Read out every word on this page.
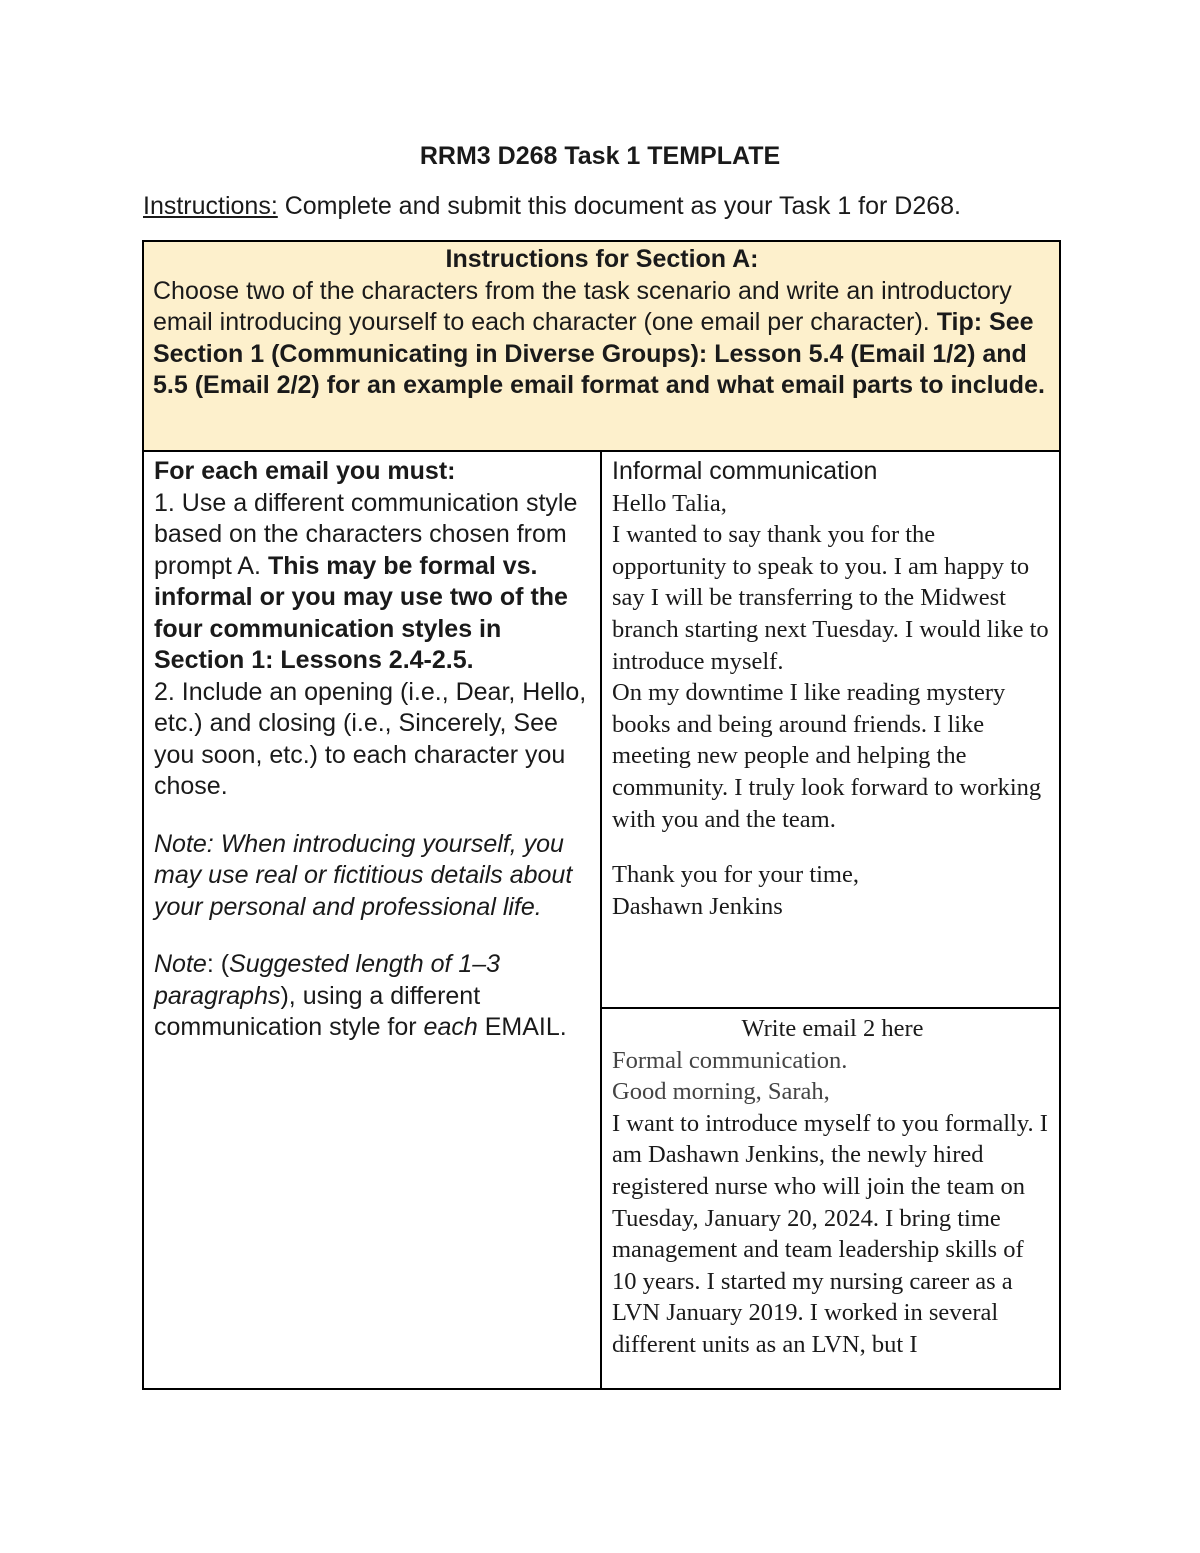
RRM3 D268 Task 1 TEMPLATE
Instructions: Complete and submit this document as your Task 1 for D268.
Instructions for Section A:
Choose two of the characters from the task scenario and write an introductory email introducing yourself to each character (one email per character). Tip: See Section 1 (Communicating in Diverse Groups): Lesson 5.4 (Email 1/2) and 5.5 (Email 2/2) for an example email format and what email parts to include.

For each email you must:

1. Use a different communication style based on the characters chosen from prompt A. This may be formal vs. informal or you may use two of the four communication styles in Section 1: Lessons 2.4-2.5.

2. Include an opening (i.e., Dear, Hello, etc.) and closing (i.e., Sincerely, See you soon, etc.) to each character you chose.

Note: When introducing yourself, you may use real or fictitious details about your personal and professional life.

Note: (Suggested length of 1–3 paragraphs), using a different communication style for each EMAIL.

Informal communication

Hello Talia,

I wanted to say thank you for the opportunity to speak to you. I am happy to say I will be transferring to the Midwest branch starting next Tuesday. I would like to introduce myself.

On my downtime I like reading mystery books and being around friends. I like meeting new people and helping the community. I truly look forward to working with you and the team.

Thank you for your time,

Dashawn Jenkins

Write email 2 here

Formal communication.

Good morning, Sarah,

I want to introduce myself to you formally. I am Dashawn Jenkins, the newly hired registered nurse who will join the team on Tuesday, January 20, 2024. I bring time management and team leadership skills of 10 years. I started my nursing career as a LVN January 2019. I worked in several different units as an LVN, but I
